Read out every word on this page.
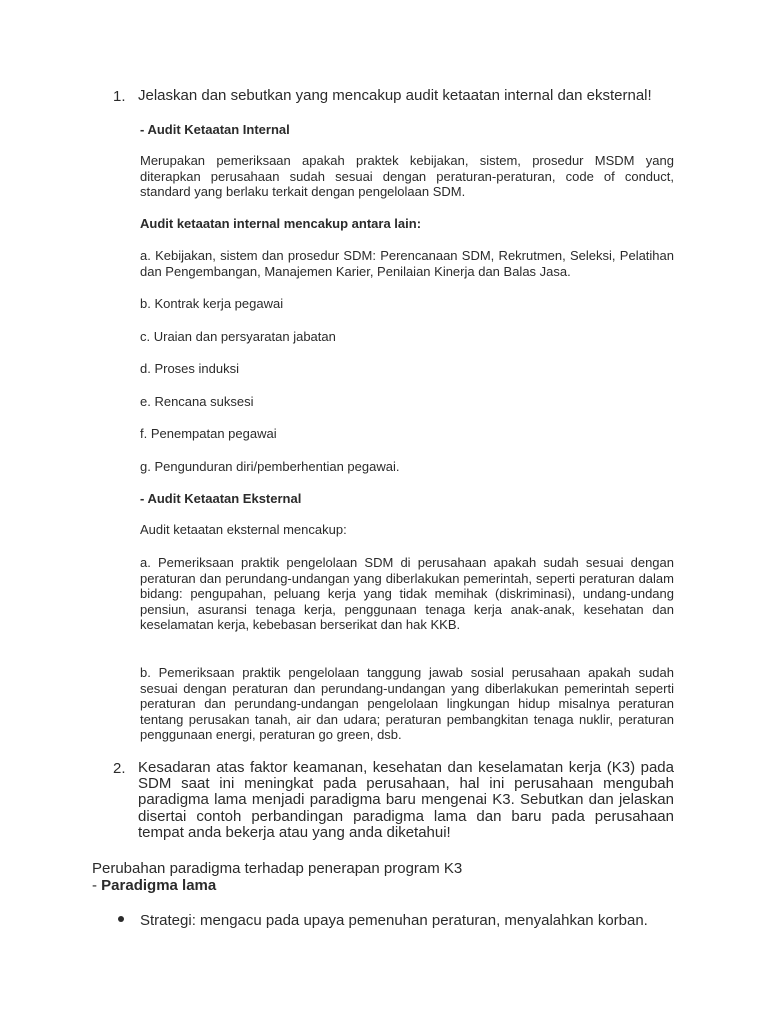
1. Jelaskan dan sebutkan yang mencakup audit ketaatan internal dan eksternal!
- Audit Ketaatan Internal
Merupakan pemeriksaan apakah praktek kebijakan, sistem, prosedur MSDM yang diterapkan perusahaan sudah sesuai dengan peraturan-peraturan, code of conduct, standard yang berlaku terkait dengan pengelolaan SDM.
Audit ketaatan internal mencakup antara lain:
a. Kebijakan, sistem dan prosedur SDM: Perencanaan SDM, Rekrutmen, Seleksi, Pelatihan dan Pengembangan, Manajemen Karier, Penilaian Kinerja dan Balas Jasa.
b. Kontrak kerja pegawai
c. Uraian dan persyaratan jabatan
d. Proses induksi
e. Rencana suksesi
f. Penempatan pegawai
g. Pengunduran diri/pemberhentian pegawai.
- Audit Ketaatan Eksternal
Audit ketaatan eksternal mencakup:
a. Pemeriksaan praktik pengelolaan SDM di perusahaan apakah sudah sesuai dengan peraturan dan perundang-undangan yang diberlakukan pemerintah, seperti peraturan dalam bidang: pengupahan, peluang kerja yang tidak memihak (diskriminasi), undang-undang pensiun, asuransi tenaga kerja, penggunaan tenaga kerja anak-anak, kesehatan dan keselamatan kerja, kebebasan berserikat dan hak KKB.
b. Pemeriksaan praktik pengelolaan tanggung jawab sosial perusahaan apakah sudah sesuai dengan peraturan dan perundang-undangan yang diberlakukan pemerintah seperti peraturan dan perundang-undangan pengelolaan lingkungan hidup misalnya peraturan tentang perusakan tanah, air dan udara; peraturan pembangkitan tenaga nuklir, peraturan penggunaan energi, peraturan go green, dsb.
2. Kesadaran atas faktor keamanan, kesehatan dan keselamatan kerja (K3) pada SDM saat ini meningkat pada perusahaan, hal ini perusahaan mengubah paradigma lama menjadi paradigma baru mengenai K3. Sebutkan dan jelaskan disertai contoh perbandingan paradigma lama dan baru pada perusahaan tempat anda bekerja atau yang anda diketahui!
Perubahan paradigma terhadap penerapan program K3
- Paradigma lama
Strategi: mengacu pada upaya pemenuhan peraturan, menyalahkan korban.
